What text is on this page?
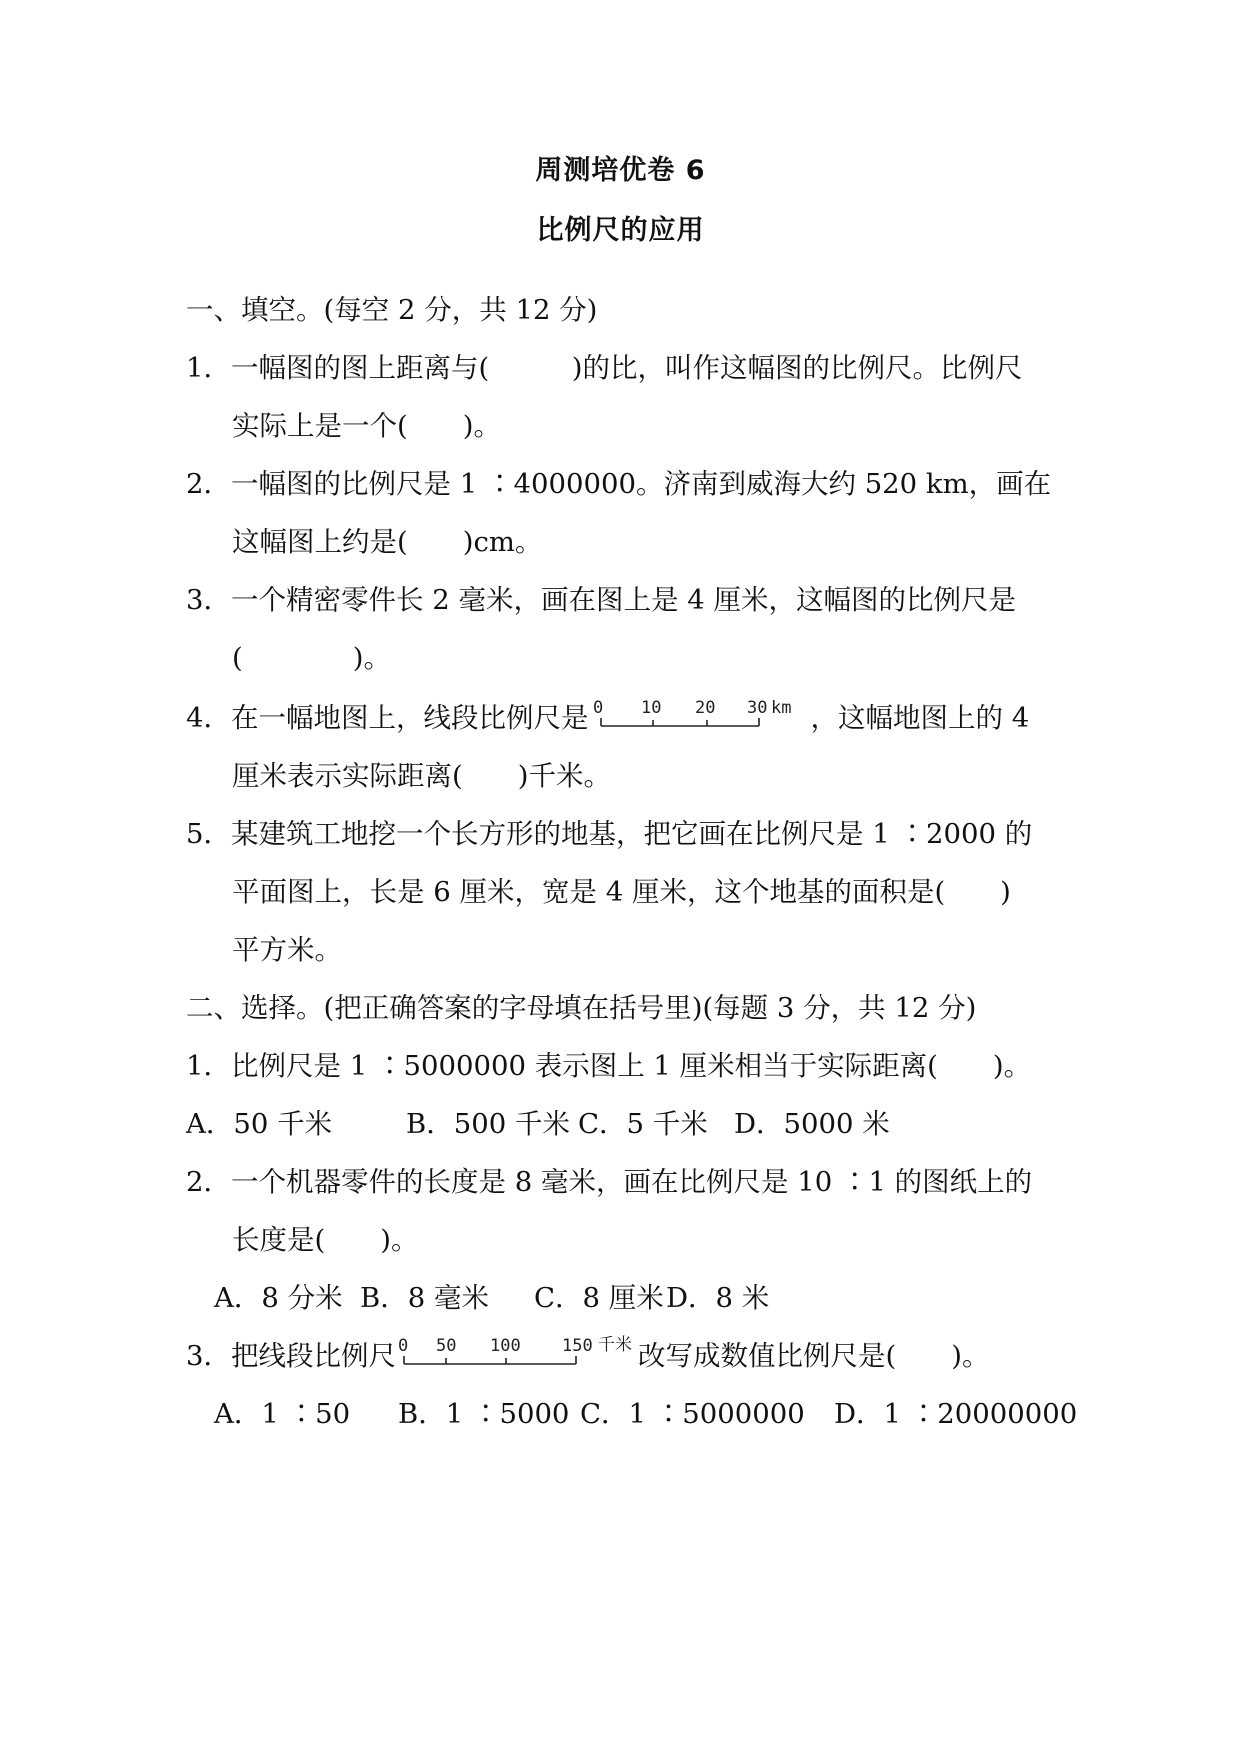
周测培优卷 6
比例尺的应用
一、填空。(每空 2 分，共 12 分)
1．一幅图的图上距离与(　　　)的比，叫作这幅图的比例尺。比例尺
实际上是一个(　　)。
2．一幅图的比例尺是 1 ∶4000000。济南到威海大约 520 km，画在
这幅图上约是(　　)cm。
3．一个精密零件长 2 毫米，画在图上是 4 厘米，这幅图的比例尺是
(　　　　)。
4．在一幅地图上，线段比例尺是 0 10 20 30 km ，这幅地图上的 4
厘米表示实际距离(　　)千米。
5．某建筑工地挖一个长方形的地基，把它画在比例尺是 1 ∶2000 的
平面图上，长是 6 厘米，宽是 4 厘米，这个地基的面积是(　　)
平方米。
二、选择。(把正确答案的字母填在括号里)(每题 3 分，共 12 分)
1．比例尺是 1 ∶5000000 表示图上 1 厘米相当于实际距离(　　)。
A．50 千米	B．500 千米 C．5 千米 D．5000 米
2．一个机器零件的长度是 8 毫米，画在比例尺是 10 ∶1 的图纸上的
长度是(　　)。
A．8 分米 B．8 毫米 C．8 厘米 D．8 米
3．把线段比例尺 0 50 100 150 千米 改写成数值比例尺是(　　)。
A．1 ∶50 B．1 ∶5000 C．1 ∶5000000 D．1 ∶20000000
